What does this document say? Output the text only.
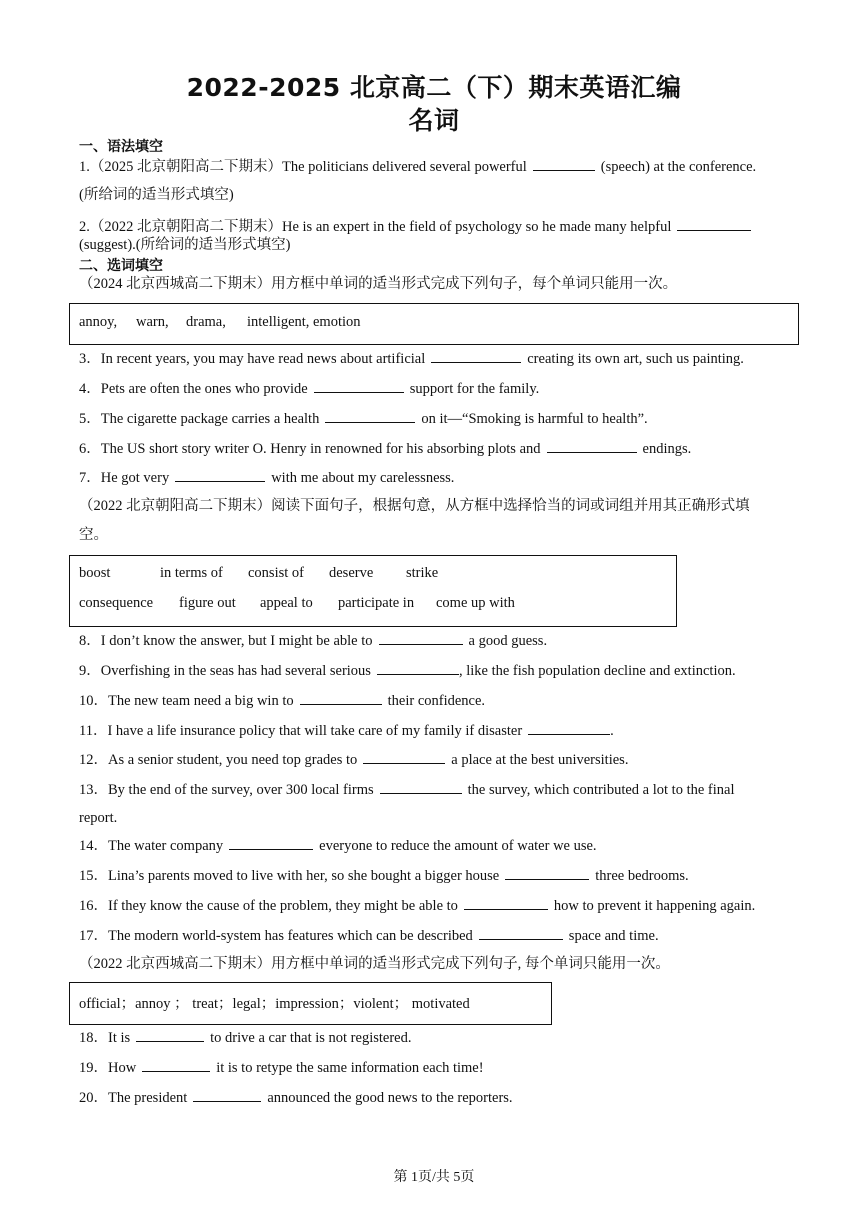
2022-2025 北京高二（下）期末英语汇编
名词
一、语法填空
1.（2025 北京朝阳高二下期末）The politicians delivered several powerful	(speech) at the conference.
(所给词的适当形式填空)
2.（2022 北京朝阳高二下期末）He is an expert in the field of psychology so he made many helpful
(suggest).(所给词的适当形式填空)
二、选词填空
（2024 北京西城高二下期末）用方框中单词的适当形式完成下列句子，每个单词只能用一次。
annoy, warn, drama, intelligent, emotion
3．In recent years, you may have read news about artificial	creating its own art, such us painting.
4．Pets are often the ones who provide	support for the family.
5．The cigarette package carries a health	on it—“Smoking is harmful to health”.
6．The US short story writer O. Henry in renowned for his absorbing plots and	endings.
7．He got very	with me about my carelessness.
（2022 北京朝阳高二下期末）阅读下面句子，根据句意，从方框中选择恰当的词或词组并用其正确形式填
空。
boost	in terms of consist of deserve strike
consequence figure out appeal to participate in come up with
8．I don’t know the answer, but I might be able to	a good guess.
9．Overfishing in the seas has had several serious	, like the fish population decline and extinction.
10．The new team need a big win to	their confidence.
11．I have a life insurance policy that will take care of my family if disaster	.
12．As a senior student, you need top grades to	a place at the best universities.
13．By the end of the survey, over 300 local firms	the survey, which contributed a lot to the final
report.
14．The water company	everyone to reduce the amount of water we use.
15．Lina’s parents moved to live with her, so she bought a bigger house	three bedrooms.
16．If they know the cause of the problem, they might be able to	how to prevent it happening again.
17．The modern world-system has features which can be described	space and time.
（2022 北京西城高二下期末）用方框中单词的适当形式完成下列句子, 每个单词只能用一次。
official；annoy ； treat；legal；impression；violent； motivated
18．It is	to drive a car that is not registered.
19．How	it is to retype the same information each time!
20．The president	announced the good news to the reporters.
第 1页/共 5页
